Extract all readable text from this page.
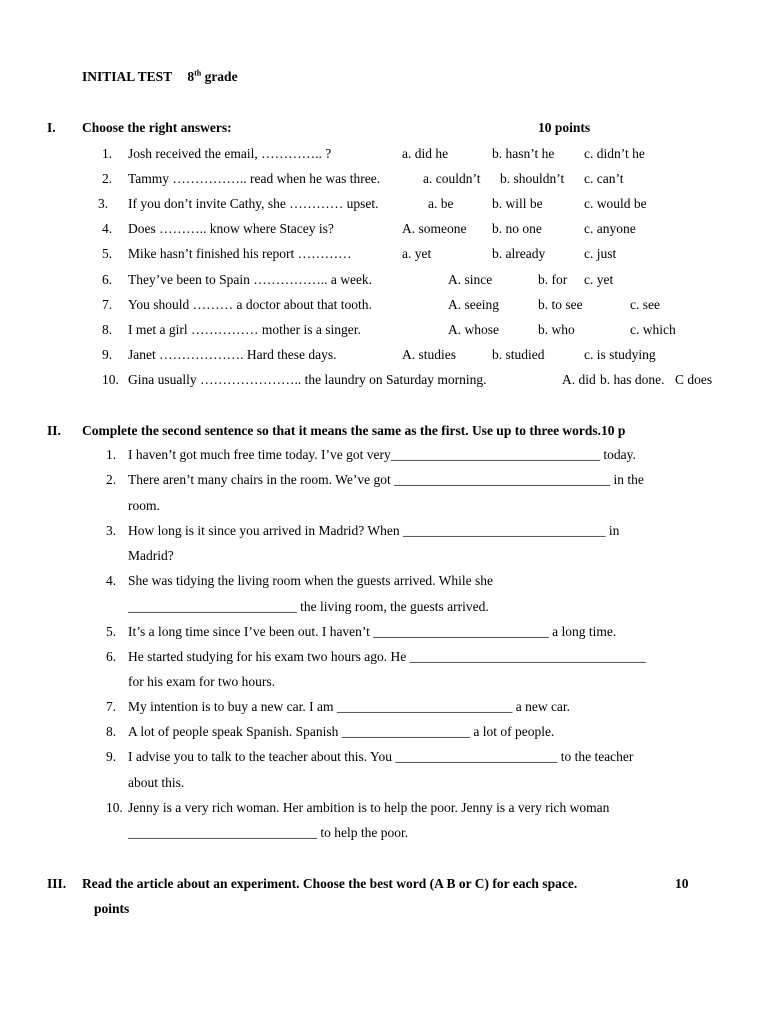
INITIAL TEST 8th grade
I. Choose the right answers:	10 points
1. Josh received the email, ………….. ?	a. did he	b. hasn’t he c. didn’t he
2. Tammy …………….. read when he was three.	a. couldn’t b. shouldn’t c. can’t
3. If you don’t invite Cathy, she ………… upset.	a. be	b. will be	c. would be
4. Does ……….. know where Stacey is?	A. someone b. no one	c. anyone
5. Mike hasn’t finished his report …………	a. yet	b. already	c. just
6. They’ve been to Spain …………….. a week.	A. since	b. for c. yet
7. You should ……… a doctor about that tooth.	A. seeing	b. to see	c. see
8. I met a girl …………… mother is a singer.	A. whose	b. who	c. which
9. Janet ………………. Hard these days.	A. studies	b. studied	c. is studying
10. Gina usually ………………….. the laundry on Saturday morning.	A. did b. has done. C does
II. Complete the second sentence so that it means the same as the first. Use up to three words.10 p
1. I haven’t got much free time today. I’ve got very_______________________________ today.
2. There aren’t many chairs in the room. We’ve got ________________________________ in the
room.
3. How long is it since you arrived in Madrid? When ______________________________ in
Madrid?
4. She was tidying the living room when the guests arrived. While she
_________________________ the living room, the guests arrived.
5. It’s a long time since I’ve been out. I haven’t __________________________ a long time.
6. He started studying for his exam two hours ago. He ___________________________________
for his exam for two hours.
7. My intention is to buy a new car. I am __________________________ a new car.
8. A lot of people speak Spanish. Spanish ___________________ a lot of people.
9. I advise you to talk to the teacher about this. You ________________________ to the teacher
about this.
10. Jenny is a very rich woman. Her ambition is to help the poor. Jenny is a very rich woman
____________________________ to help the poor.
III. Read the article about an experiment. Choose the best word (A B or C) for each space.	10
points
